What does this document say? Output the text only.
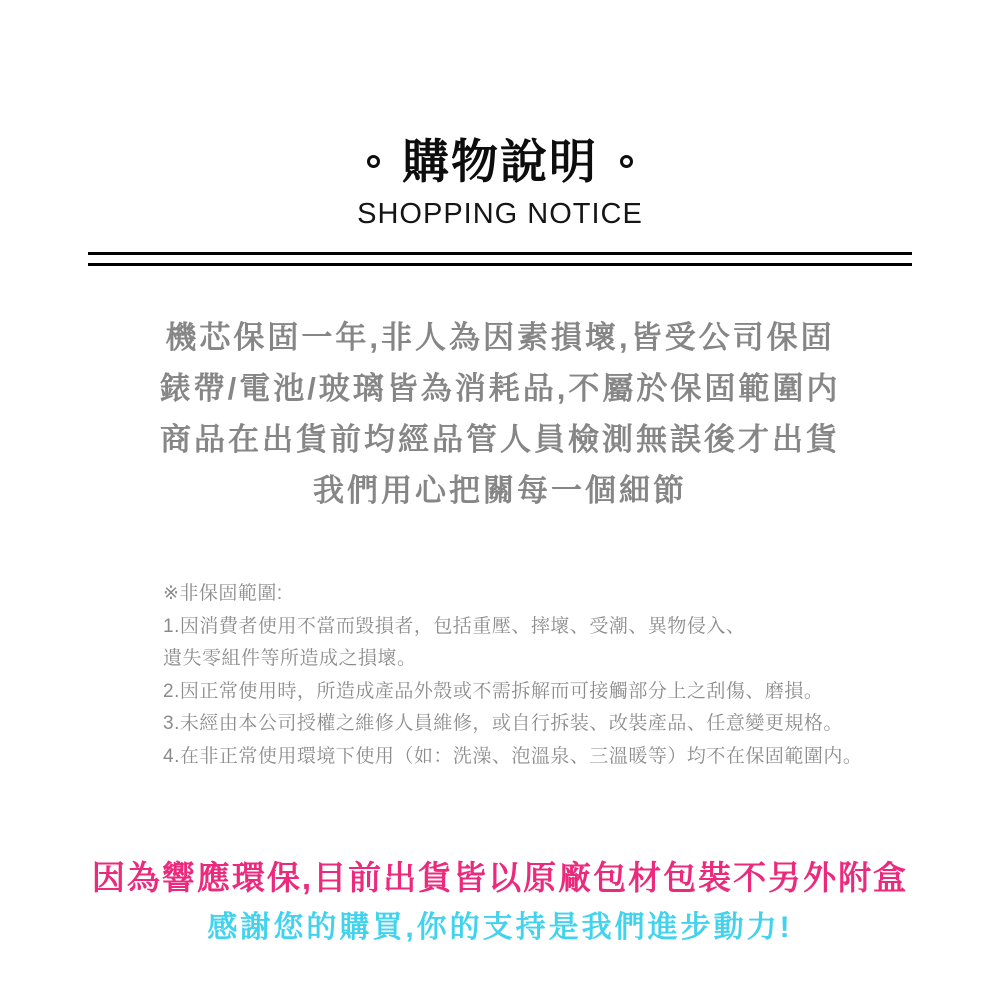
購物說明
SHOPPING NOTICE
機芯保固一年,非人為因素損壞,皆受公司保固
錶帶/電池/玻璃皆為消耗品,不屬於保固範圍内
商品在出貨前均經品管人員檢測無誤後才出貨
我們用心把關每一個細節
※非保固範圍:
1.因消費者使用不當而毀損者，包括重壓、摔壞、受潮、異物侵入、
遺失零組件等所造成之損壞。
2.因正常使用時，所造成產品外殼或不需拆解而可接觸部分上之刮傷、磨損。
3.未經由本公司授權之維修人員維修，或自行拆装、改裝產品、任意變更規格。
4.在非正常使用環境下使用（如：洗澡、泡溫泉、三溫暖等）均不在保固範圍内。
因為響應環保,目前出貨皆以原廠包材包裝不另外附盒
感謝您的購買,你的支持是我們進步動力!
